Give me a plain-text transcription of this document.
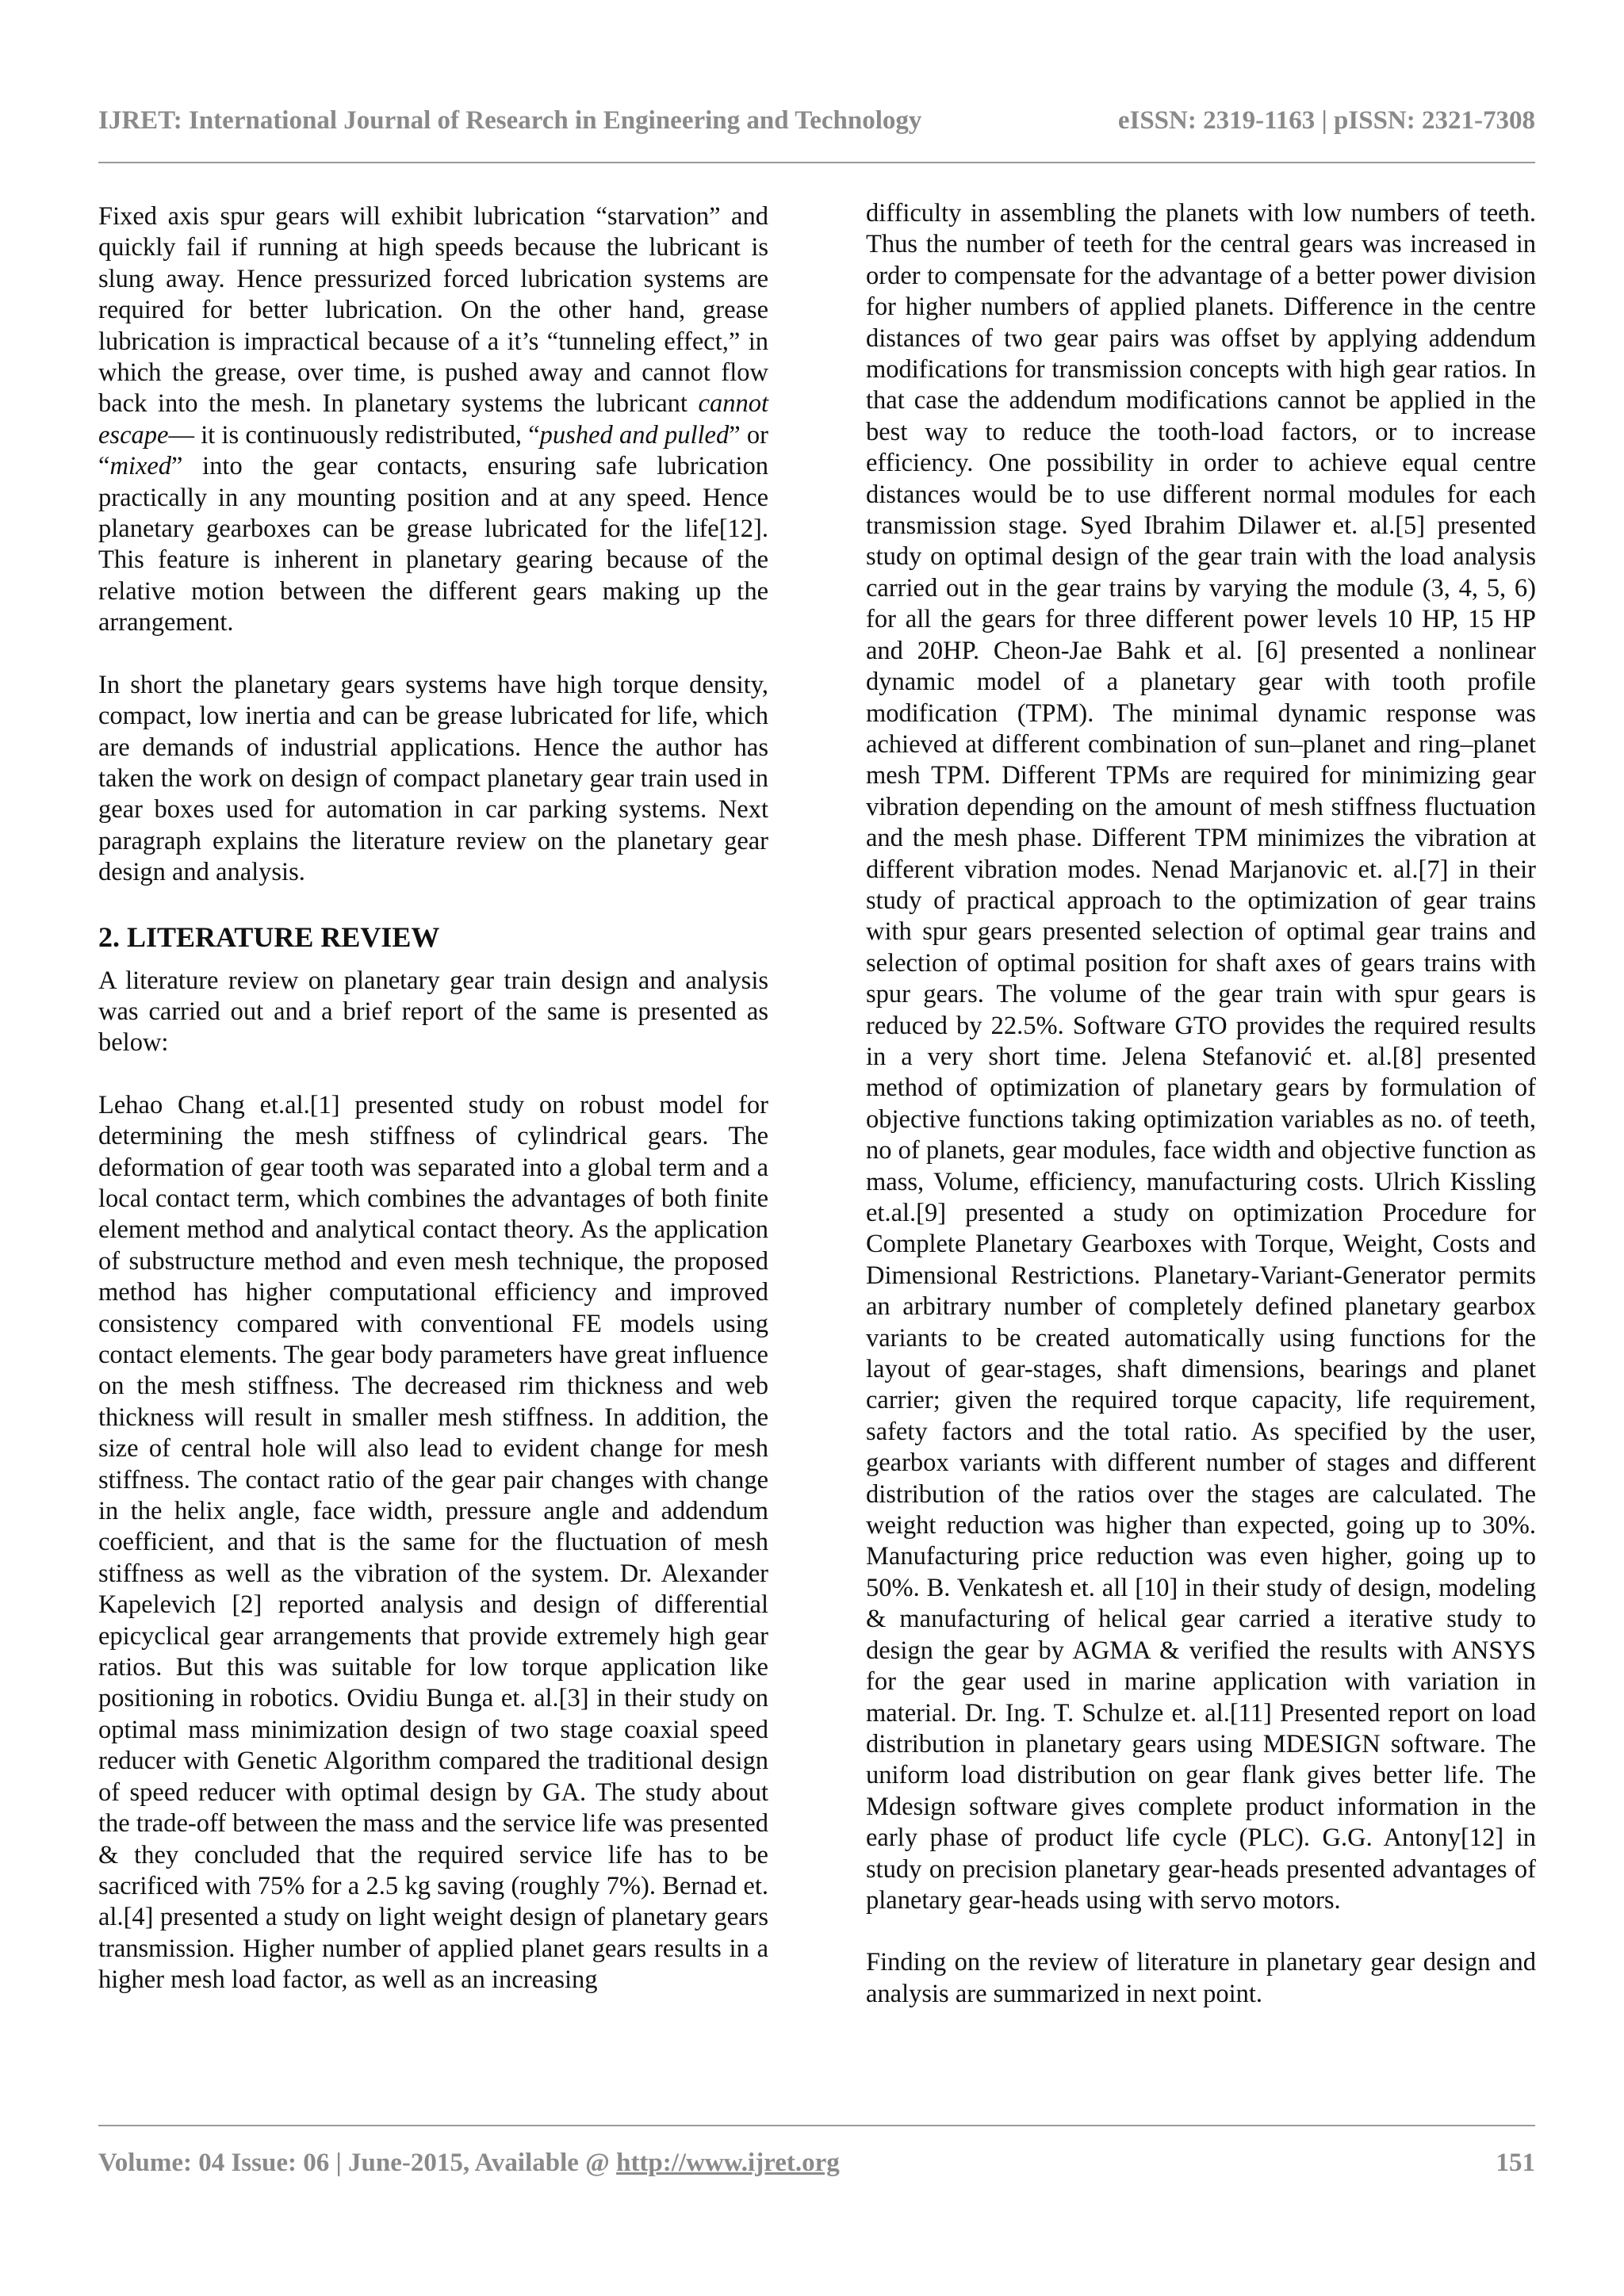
IJRET: International Journal of Research in Engineering and Technology	eISSN: 2319-1163 | pISSN: 2321-7308

Fixed axis spur gears will exhibit lubrication “starvation” and quickly fail if running at high speeds because the lubricant is slung away. Hence pressurized forced lubrication systems are required for better lubrication. On the other hand, grease lubrication is impractical because of a it’s “tunneling effect,” in which the grease, over time, is pushed away and cannot flow back into the mesh. In planetary systems the lubricant cannot escape— it is continuously redistributed, “pushed and pulled” or “mixed” into the gear contacts, ensuring safe lubrication practically in any mounting position and at any speed. Hence planetary gearboxes can be grease lubricated for the life[12]. This feature is inherent in planetary gearing because of the relative motion between the different gears making up the arrangement.

In short the planetary gears systems have high torque density, compact, low inertia and can be grease lubricated for life, which are demands of industrial applications. Hence the author has taken the work on design of compact planetary gear train used in gear boxes used for automation in car parking systems. Next paragraph explains the literature review on the planetary gear design and analysis.

2. LITERATURE REVIEW

A literature review on planetary gear train design and analysis was carried out and a brief report of the same is presented as below:

Lehao Chang et.al.[1] presented study on robust model for determining the mesh stiffness of cylindrical gears. The deformation of gear tooth was separated into a global term and a local contact term, which combines the advantages of both finite element method and analytical contact theory. As the application of substructure method and even mesh technique, the proposed method has higher computational efficiency and improved consistency compared with conventional FE models using contact elements. The gear body parameters have great influence on the mesh stiffness. The decreased rim thickness and web thickness will result in smaller mesh stiffness. In addition, the size of central hole will also lead to evident change for mesh stiffness. The contact ratio of the gear pair changes with change in the helix angle, face width, pressure angle and addendum coefficient, and that is the same for the fluctuation of mesh stiffness as well as the vibration of the system. Dr. Alexander Kapelevich [2] reported analysis and design of differential epicyclical gear arrangements that provide extremely high gear ratios. But this was suitable for low torque application like positioning in robotics. Ovidiu Bunga et. al.[3] in their study on optimal mass minimization design of two stage coaxial speed reducer with Genetic Algorithm compared the traditional design of speed reducer with optimal design by GA. The study about the trade-off between the mass and the service life was presented & they concluded that the required service life has to be sacrificed with 75% for a 2.5 kg saving (roughly 7%). Bernad et. al.[4] presented a study on light weight design of planetary gears transmission. Higher number of applied planet gears results in a higher mesh load factor, as well as an increasing

difficulty in assembling the planets with low numbers of teeth. Thus the number of teeth for the central gears was increased in order to compensate for the advantage of a better power division for higher numbers of applied planets. Difference in the centre distances of two gear pairs was offset by applying addendum modifications for transmission concepts with high gear ratios. In that case the addendum modifications cannot be applied in the best way to reduce the tooth-load factors, or to increase efficiency. One possibility in order to achieve equal centre distances would be to use different normal modules for each transmission stage. Syed Ibrahim Dilawer et. al.[5] presented study on optimal design of the gear train with the load analysis carried out in the gear trains by varying the module (3, 4, 5, 6) for all the gears for three different power levels 10 HP, 15 HP and 20HP. Cheon-Jae Bahk et al. [6] presented a nonlinear dynamic model of a planetary gear with tooth profile modification (TPM). The minimal dynamic response was achieved at different combination of sun–planet and ring–planet mesh TPM. Different TPMs are required for minimizing gear vibration depending on the amount of mesh stiffness fluctuation and the mesh phase. Different TPM minimizes the vibration at different vibration modes. Nenad Marjanovic et. al.[7] in their study of practical approach to the optimization of gear trains with spur gears presented selection of optimal gear trains and selection of optimal position for shaft axes of gears trains with spur gears. The volume of the gear train with spur gears is reduced by 22.5%. Software GTO provides the required results in a very short time. Jelena Stefanović et. al.[8] presented method of optimization of planetary gears by formulation of objective functions taking optimization variables as no. of teeth, no of planets, gear modules, face width and objective function as mass, Volume, efficiency, manufacturing costs. Ulrich Kissling et.al.[9] presented a study on optimization Procedure for Complete Planetary Gearboxes with Torque, Weight, Costs and Dimensional Restrictions. Planetary-Variant-Generator permits an arbitrary number of completely defined planetary gearbox variants to be created automatically using functions for the layout of gear-stages, shaft dimensions, bearings and planet carrier; given the required torque capacity, life requirement, safety factors and the total ratio. As specified by the user, gearbox variants with different number of stages and different distribution of the ratios over the stages are calculated. The weight reduction was higher than expected, going up to 30%. Manufacturing price reduction was even higher, going up to 50%. B. Venkatesh et. all [10] in their study of design, modeling & manufacturing of helical gear carried a iterative study to design the gear by AGMA & verified the results with ANSYS for the gear used in marine application with variation in material. Dr. Ing. T. Schulze et. al.[11] Presented report on load distribution in planetary gears using MDESIGN software. The uniform load distribution on gear flank gives better life. The Mdesign software gives complete product information in the early phase of product life cycle (PLC). G.G. Antony[12] in study on precision planetary gear-heads presented advantages of planetary gear-heads using with servo motors.

Finding on the review of literature in planetary gear design and analysis are summarized in next point.

Volume: 04 Issue: 06 | June-2015, Available @ http://www.ijret.org	151
